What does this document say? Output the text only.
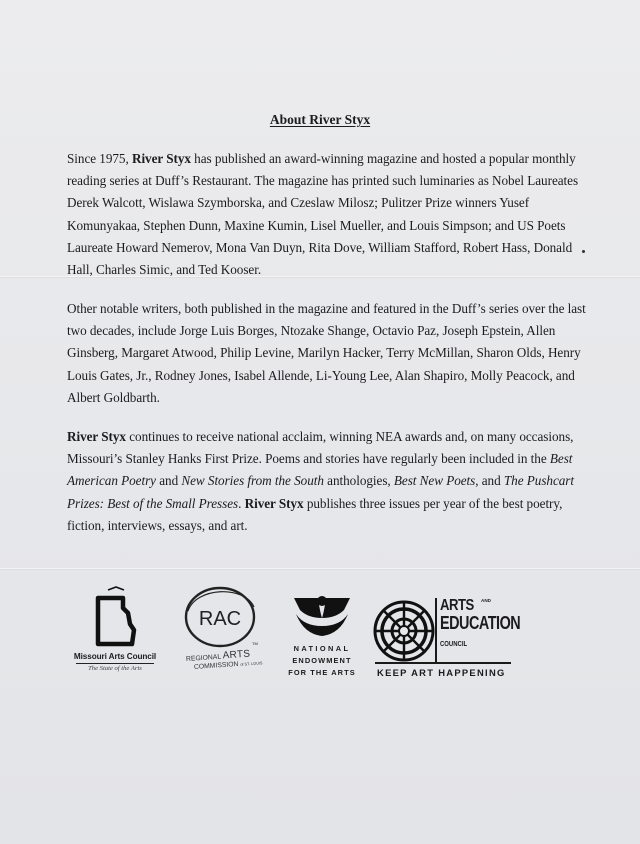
About River Styx

Since 1975, River Styx has published an award-winning magazine and hosted a popular monthly reading series at Duff’s Restaurant. The magazine has printed such luminaries as Nobel Laureates Derek Walcott, Wislawa Szymborska, and Czeslaw Milosz; Pulitzer Prize winners Yusef Komunyakaa, Stephen Dunn, Maxine Kumin, Lisel Mueller, and Louis Simpson; and US Poets Laureate Howard Nemerov, Mona Van Duyn, Rita Dove, William Stafford, Robert Hass, Donald Hall, Charles Simic, and Ted Kooser.

Other notable writers, both published in the magazine and featured in the Duff’s series over the last two decades, include Jorge Luis Borges, Ntozake Shange, Octavio Paz, Joseph Epstein, Allen Ginsberg, Margaret Atwood, Philip Levine, Marilyn Hacker, Terry McMillan, Sharon Olds, Henry Louis Gates, Jr., Rodney Jones, Isabel Allende, Li-Young Lee, Alan Shapiro, Molly Peacock, and Albert Goldbarth.

River Styx continues to receive national acclaim, winning NEA awards and, on many occasions, Missouri’s Stanley Hanks First Prize. Poems and stories have regularly been included in the Best American Poetry and New Stories from the South anthologies, Best New Poets, and The Pushcart Prizes: Best of the Small Presses. River Styx publishes three issues per year of the best poetry, fiction, interviews, essays, and art.

Missouri Arts Council
The State of the Arts
RAC
TM
REGIONAL ARTS
COMMISSION of ST. LOUIS
NATIONAL
ENDOWMENT
FOR THE ARTS
ARTS AND
EDUCATION
COUNCIL
KEEP ART HAPPENING
